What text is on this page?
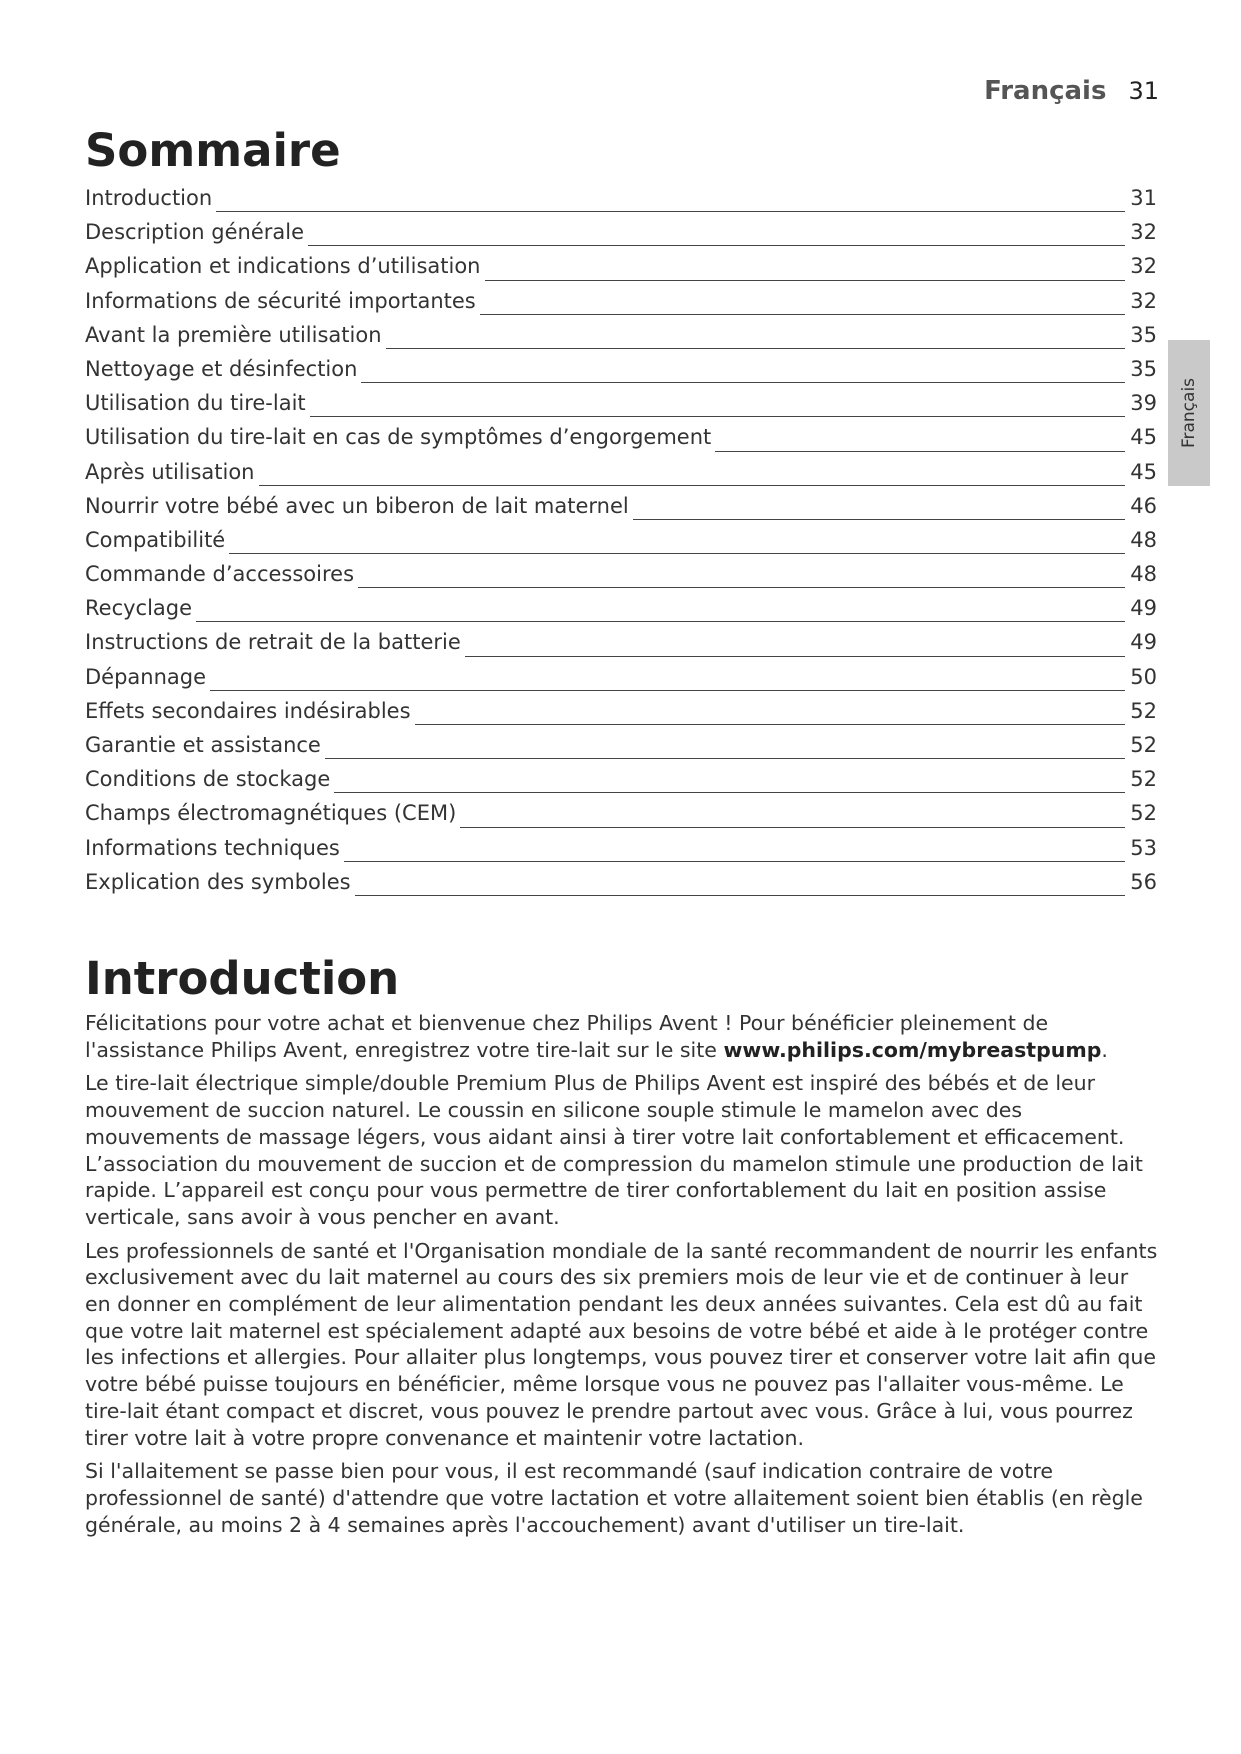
Français 31
Français
Sommaire
Introduction	31
Description générale	32
Application et indications d’utilisation	32
Informations de sécurité importantes	32
Avant la première utilisation	35
Nettoyage et désinfection	35
Utilisation du tire-lait	39
Utilisation du tire-lait en cas de symptômes d’engorgement	45
Après utilisation	45
Nourrir votre bébé avec un biberon de lait maternel	46
Compatibilité	48
Commande d’accessoires	48
Recyclage	49
Instructions de retrait de la batterie	49
Dépannage	50
Effets secondaires indésirables	52
Garantie et assistance	52
Conditions de stockage	52
Champs électromagnétiques (CEM)	52
Informations techniques	53
Explication des symboles	56
Introduction

Félicitations pour votre achat et bienvenue chez Philips Avent ! Pour bénéficier pleinement de l'assistance Philips Avent, enregistrez votre tire-lait sur le site www.philips.com/mybreastpump.

Le tire-lait électrique simple/double Premium Plus de Philips Avent est inspiré des bébés et de leur mouvement de succion naturel. Le coussin en silicone souple stimule le mamelon avec des mouvements de massage légers, vous aidant ainsi à tirer votre lait confortablement et efficacement. L’association du mouvement de succion et de compression du mamelon stimule une production de lait rapide. L’appareil est conçu pour vous permettre de tirer confortablement du lait en position assise verticale, sans avoir à vous pencher en avant.

Les professionnels de santé et l'Organisation mondiale de la santé recommandent de nourrir les enfants exclusivement avec du lait maternel au cours des six premiers mois de leur vie et de continuer à leur en donner en complément de leur alimentation pendant les deux années suivantes. Cela est dû au fait que votre lait maternel est spécialement adapté aux besoins de votre bébé et aide à le protéger contre les infections et allergies. Pour allaiter plus longtemps, vous pouvez tirer et conserver votre lait afin que votre bébé puisse toujours en bénéficier, même lorsque vous ne pouvez pas l'allaiter vous-même. Le tire-lait étant compact et discret, vous pouvez le prendre partout avec vous. Grâce à lui, vous pourrez tirer votre lait à votre propre convenance et maintenir votre lactation.

Si l'allaitement se passe bien pour vous, il est recommandé (sauf indication contraire de votre professionnel de santé) d'attendre que votre lactation et votre allaitement soient bien établis (en règle générale, au moins 2 à 4 semaines après l'accouchement) avant d'utiliser un tire-lait.
